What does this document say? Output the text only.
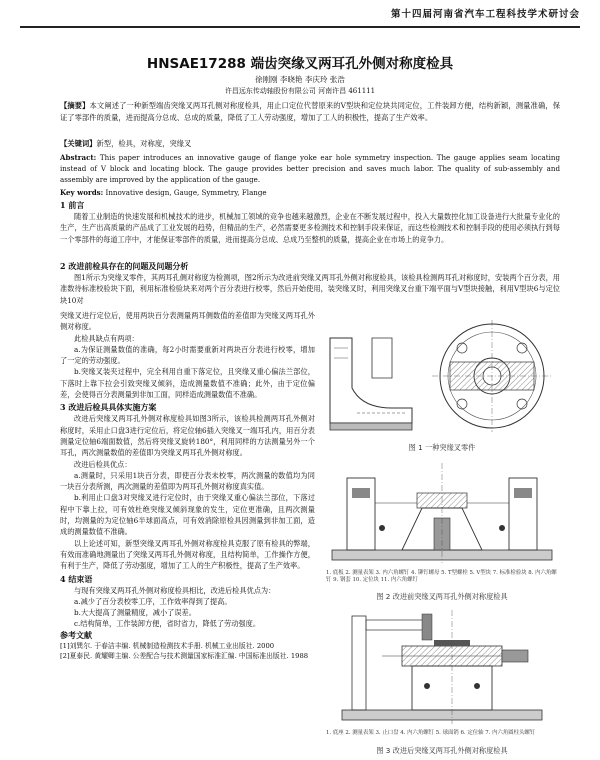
第十四届河南省汽车工程科技学术研讨会
HNSAE17288 端齿突缘叉两耳孔外侧对称度检具
徐刚刚 李晓艳 李庆玲 张浩
许昌远东传动轴股份有限公司 河南许昌 461111
【摘要】本文阐述了一种新型端齿突缘叉两耳孔侧对称度检具，用止口定位代替原来的V型块和定位块共同定位，工件装卸方便，结构新颖，测量准确，保证了零部件的质量，进而提高分总成、总成的质量，降低了工人劳动强度，增加了工人的积极性，提高了生产效率。
【关键词】新型，检具，对称度，突缘叉
Abstract: This paper introduces an innovative gauge of flange yoke ear hole symmetry inspection. The gauge applies seam locating instead of V block and locating block. The gauge provides better precision and saves much labor. The quality of sub-assembly and assembly are improved by the application of the gauge.
Key words: Innovative design, Gauge, Symmetry, Flange

1 前言

随着工业制造的快速发展和机械技术的进步，机械加工领域的竞争也越来越激烈，企业在不断发展过程中，投入大量数控化加工设备进行大批量专业化的生产，生产出高质量的产品成了工业发展的趋势，但精品的生产，必然需要更多检测技术和控制手段来保证，而这些检测技术和控制手段的使用必须执行到每一个零部件的每道工序中，才能保证零部件的质量，进而提高分总成、总成乃至整机的质量，提高企业在市场上的竞争力。

2 改进前检具存在的问题及问题分析

图1所示为突缘叉零件，其两耳孔侧对称度为检测项，图2所示为改进前突缘叉两耳孔外侧对称度检具，该检具检测两耳孔对称度时，安装两个百分表，用准数待标准校验块下面，利用标准检验块来对两个百分表进行校零，然后开始使用，装突缘叉时，利用突缘叉台重下端平面与V型块接触，利用V型块6与定位块10对

突缘叉进行定位后，使用两块百分表测量两耳侧数值的差值即为突缘叉两耳孔外侧对称度。

此检具缺点有两项：

a.为保证测量数值的准确，每2小时需要重新对两块百分表进行校零，增加了一定的劳动强度。

b.突缘叉装夹过程中，完全利用自重下落定位，且突缘叉重心偏法兰部位，下落时上靠下拉会引致突缘叉倾斜，造成测量数值不准确；此外，由于定位偏差，会使得百分表测量到非加工面，同样造成测量数值不准确。

3 改进后检具具体实施方案

改进后突缘叉两耳孔外侧对称度检具如图3所示，该检具检测两耳孔外侧对称度时，采用止口盘3进行定位后，将定位轴6插入突缘叉一端耳孔内，用百分表测量定位轴6端面数值，然后将突缘叉旋转180°，利用同样的方法测量另外一个耳孔，两次测量数值的差值即为突缘叉两耳孔外侧对称度。

改进后检具优点：

a.测量时，只采用1块百分表，即使百分表未校零，两次测量的数值均为同一块百分表所测，两次测量的差值即为两耳孔外侧对称度真实值。

b.利用止口盘3对突缘叉进行定位时，由于突缘叉重心偏法兰部位，下落过程中下靠上拉，可有效杜绝突缘叉倾斜现象的发生，定位更准确，且两次测量时，均测量的为定位轴6半球面高点，可有效消除原检具因测量到非加工面，造成的测量数值不准确。

以上论述可知，新型突缘叉两耳孔外侧对称度检具克服了原有检具的弊端，有效而准确地测量出了突缘叉两耳孔外侧对称度，且结构简单，工作操作方便，有利于生产，降低了劳动强度，增加了工人的生产积极性，提高了生产效率。

4 结束语

与现有突缘叉两耳孔外侧对称度检具相比，改进后检具优点为：

a.减少了百分表校零工序，工作效率得到了提高。

b.大大提高了测量精度，减小了误差。

c.结构简单，工作装卸方便，省时省力，降低了劳动强度。

参考文献

[1]刘巽尔. 于春洁丰编. 机械制造检测技术手册. 机械工业出版社. 2000

[2]夏泰民. 黄耀卿主编. 公差配合与技术测量国家标准汇编. 中国标准出版社. 1988

图 1 一种突缘叉零件
1. 底板 2. 测量表架 3. 内六角螺钉 4. 铆钉螺母 5. T型螺栓 5. V型块 7. 标准检验块 8. 内六角螺钉 9. 钢套 10. 定位块 11. 内六角螺钉
图 2 改进前突缘叉两耳孔外侧对称度检具
1. 底座 2. 测量表架 3. 止口盘 4. 内六角螺钉 5. 球面销 6. 定位轴 7. 内六角圆柱头螺钉
图 3 改进后突缘叉两耳孔外侧对称度检具
